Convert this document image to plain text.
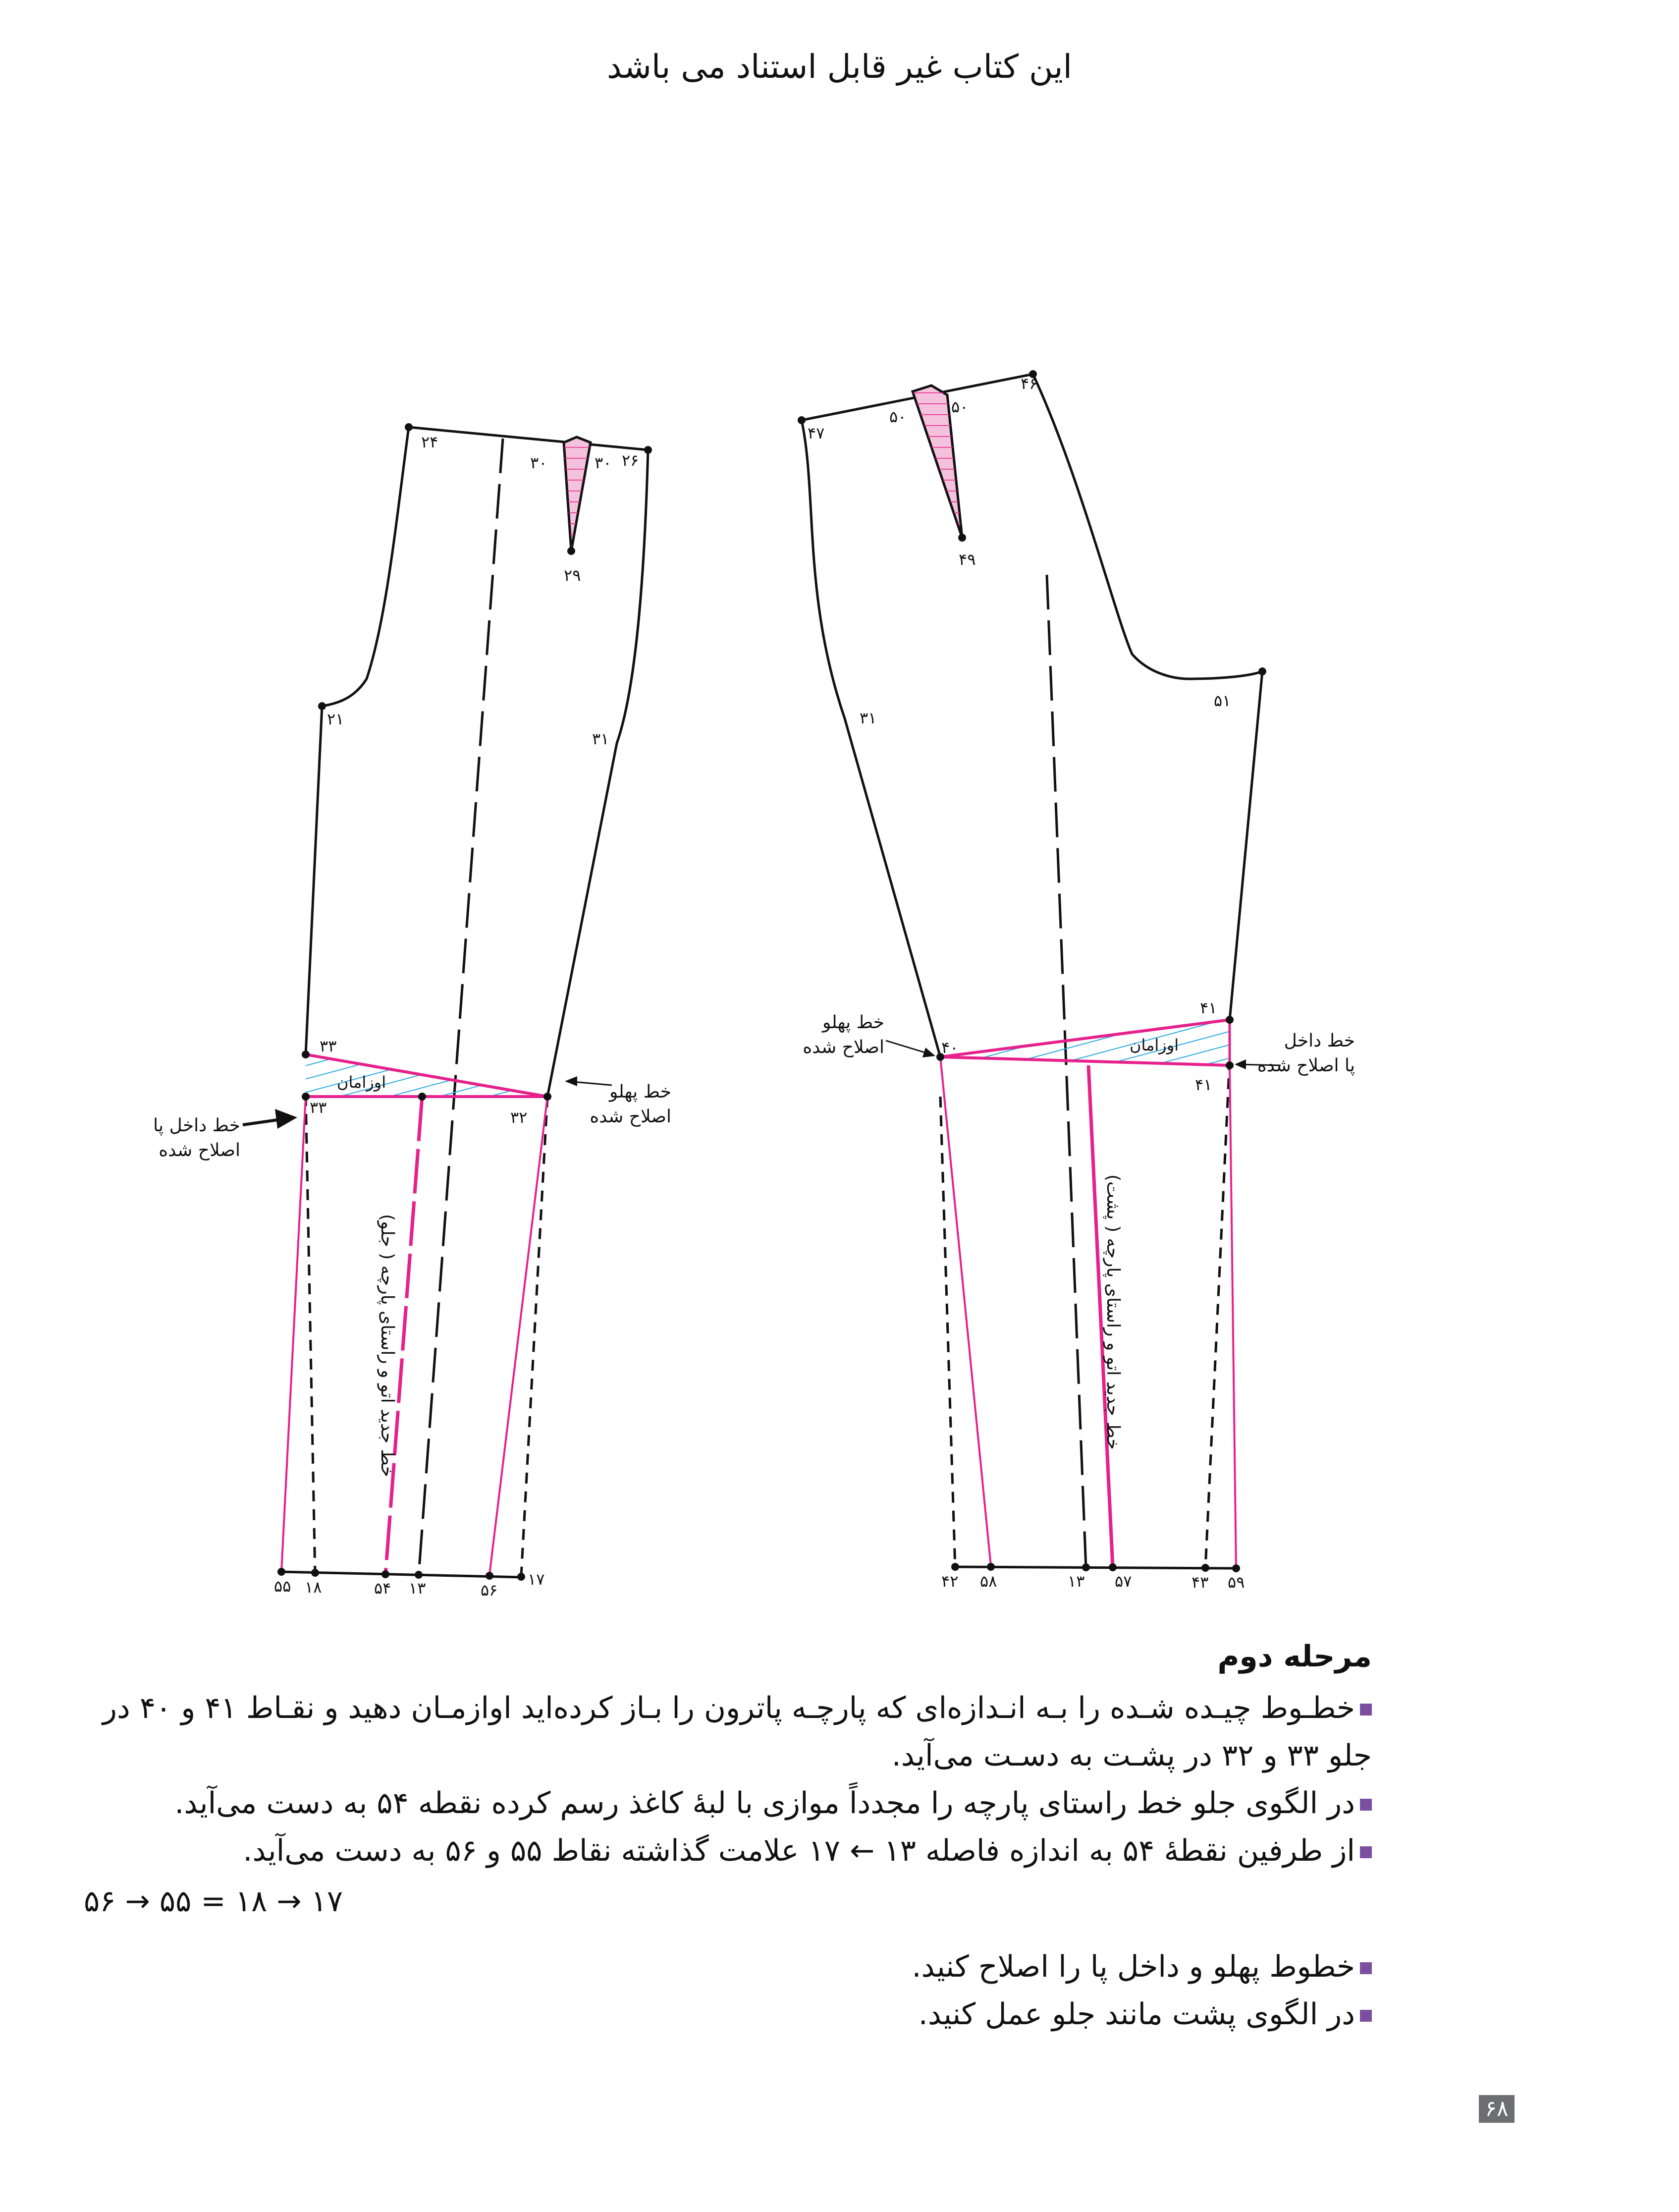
این کتاب غیر قابل استناد می باشد
۲۴
۳۰	۳۰ ۲۶
۲۹
۲۱
۳۱
۳۳
۳۳
۳۲
اوزامان
خط داخل پا
اصلاح شده
خط پهلو
اصلاح شده
خط جدید اتو و راستای پارچه ( جلو)
۵۵ ۱۸	۵۴ ۱۳	۵۶
۱۷
۴۶
۴۷
۵۰
۵۰
۴۹
۵۱
۳۱
۴۱
۴۱
۴۰	اوزامان
خط پهلو
اصلاح شده	خط داخل
پا اصلاح شده
خط جدید اتو و راستای پارچه ( پشت)
۴۲ ۵۸	۱۳ ۵۷	۴۳ ۵۹
مرحله دوم

خطـوط چیـده شـده را بـه انـدازه‌ای که پارچـه پاترون را بـاز کرده‌اید اوازمـان دهید و نقـاط ۴۱ و ۴۰ در جلو ۳۳ و ۳۲ در پشـت به دسـت می‌آید.

در الگوی جلو خط راستای پارچه را مجدداً موازی با لبهٔ کاغذ رسم کرده نقطه ۵۴ به دست می‌آید.

از طرفین نقطهٔ ۵۴ به اندازه فاصله ۱۳ ← ۱۷ علامت گذاشته نقاط ۵۵ و ۵۶ به دست می‌آید.

۵۶ → ۵۵ = ۱۸ → ۱۷

خطوط پهلو و داخل پا را اصلاح کنید.

در الگوی پشت مانند جلو عمل کنید.

۶۸
